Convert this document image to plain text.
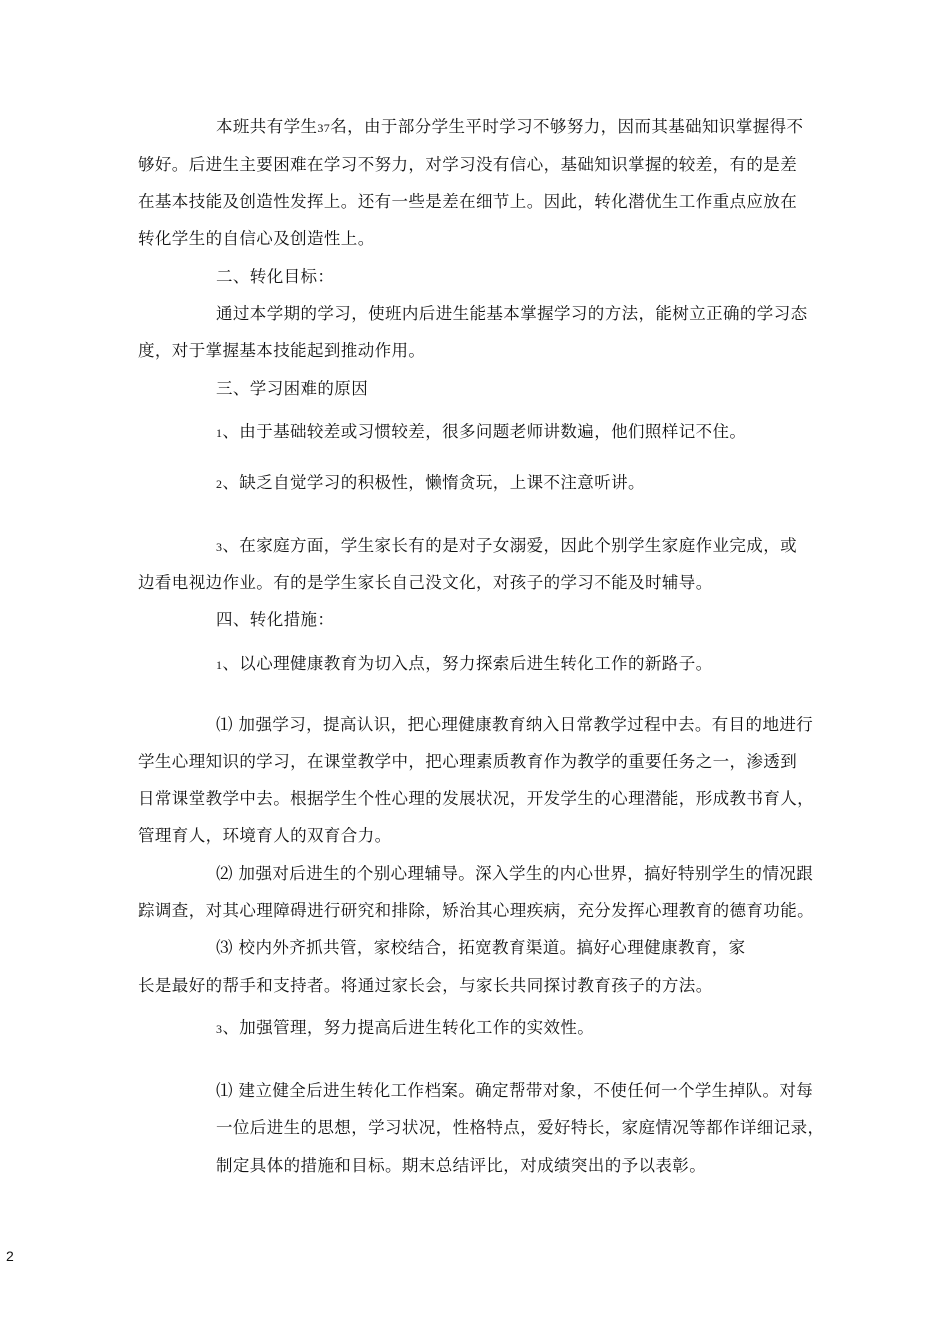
本班共有学生37名，由于部分学生平时学习不够努力，因而其基础知识掌握得不
够好。后进生主要困难在学习不努力，对学习没有信心，基础知识掌握的较差，有的是差
在基本技能及创造性发挥上。还有一些是差在细节上。因此，转化潜优生工作重点应放在
转化学生的自信心及创造性上。
二、转化目标：
通过本学期的学习，使班内后进生能基本掌握学习的方法，能树立正确的学习态
度，对于掌握基本技能起到推动作用。
三、学习困难的原因
1、由于基础较差或习惯较差，很多问题老师讲数遍，他们照样记不住。
2、缺乏自觉学习的积极性，懒惰贪玩，上课不注意听讲。
3、在家庭方面，学生家长有的是对子女溺爱，因此个别学生家庭作业完成，或
边看电视边作业。有的是学生家长自己没文化，对孩子的学习不能及时辅导。
四、转化措施：
1、以心理健康教育为切入点，努力探索后进生转化工作的新路子。
⑴ 加强学习，提高认识，把心理健康教育纳入日常教学过程中去。有目的地进行
学生心理知识的学习，在课堂教学中，把心理素质教育作为教学的重要任务之一，渗透到
日常课堂教学中去。根据学生个性心理的发展状况，开发学生的心理潜能，形成教书育人，
管理育人，环境育人的双育合力。
⑵ 加强对后进生的个别心理辅导。深入学生的内心世界，搞好特别学生的情况跟
踪调查，对其心理障碍进行研究和排除，矫治其心理疾病，充分发挥心理教育的德育功能。
⑶ 校内外齐抓共管，家校结合，拓宽教育渠道。搞好心理健康教育，家
长是最好的帮手和支持者。将通过家长会，与家长共同探讨教育孩子的方法。
3、加强管理，努力提高后进生转化工作的实效性。
⑴ 建立健全后进生转化工作档案。确定帮带对象，不使任何一个学生掉队。对每
一位后进生的思想，学习状况，性格特点，爱好特长，家庭情况等都作详细记录，
制定具体的措施和目标。期末总结评比，对成绩突出的予以表彰。
2
